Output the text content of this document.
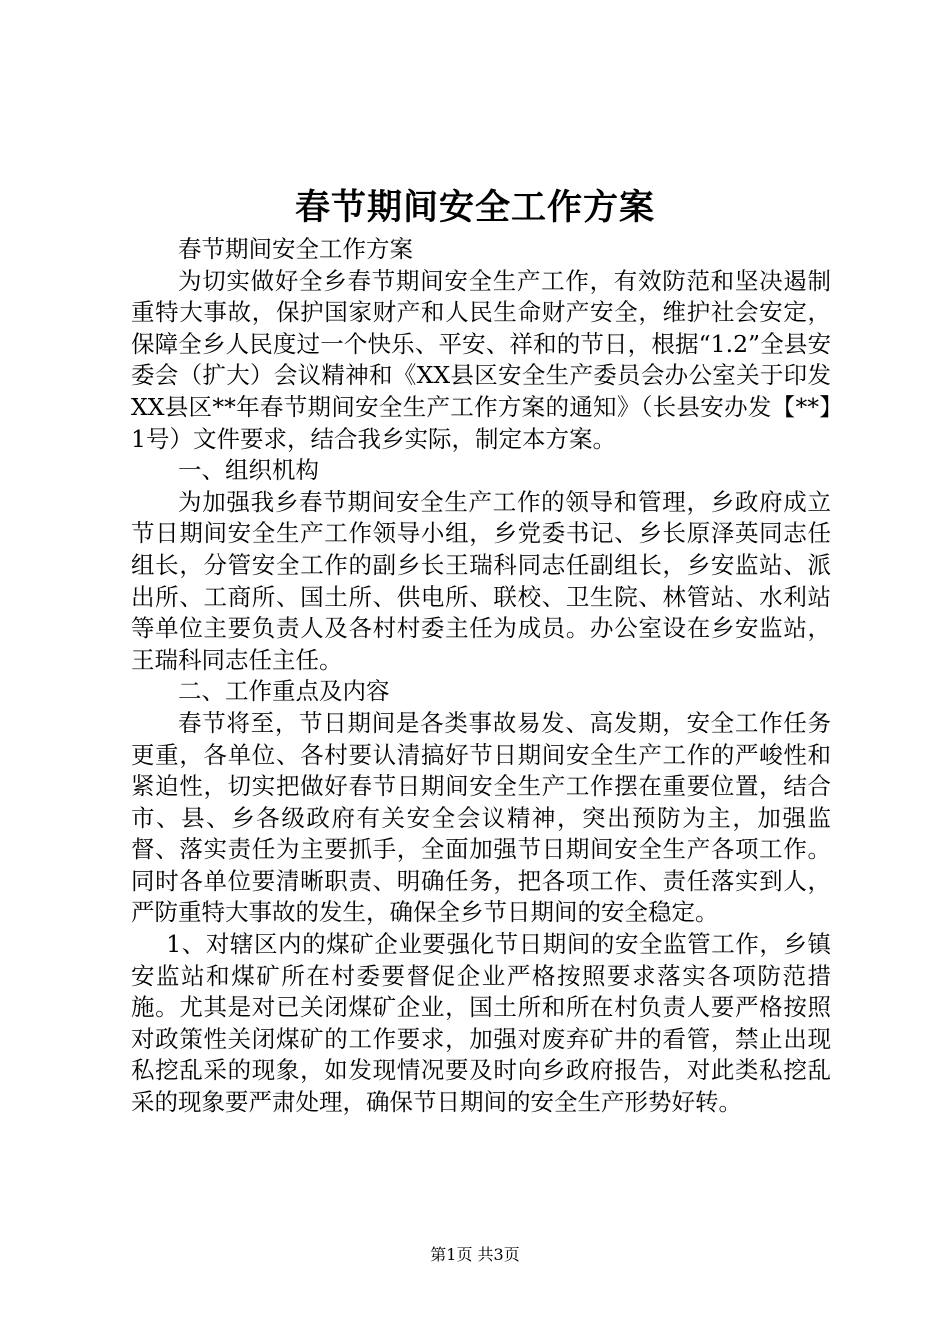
春节期间安全工作方案

春节期间安全工作方案

为切实做好全乡春节期间安全生产工作，有效防范和坚决遏制重特大事故，保护国家财产和人民生命财产安全，维护社会安定，保障全乡人民度过一个快乐、平安、祥和的节日，根据“1.2”全县安委会（扩大）会议精神和《XX县区安全生产委员会办公室关于印发XX县区**年春节期间安全生产工作方案的通知》（长县安办发【**】1号）文件要求，结合我乡实际，制定本方案。

一、组织机构

为加强我乡春节期间安全生产工作的领导和管理，乡政府成立节日期间安全生产工作领导小组，乡党委书记、乡长原泽英同志任组长，分管安全工作的副乡长王瑞科同志任副组长，乡安监站、派出所、工商所、国土所、供电所、联校、卫生院、林管站、水利站等单位主要负责人及各村村委主任为成员。办公室设在乡安监站，王瑞科同志任主任。

二、工作重点及内容

春节将至，节日期间是各类事故易发、高发期，安全工作任务更重，各单位、各村要认清搞好节日期间安全生产工作的严峻性和紧迫性，切实把做好春节日期间安全生产工作摆在重要位置，结合市、县、乡各级政府有关安全会议精神，突出预防为主，加强监督、落实责任为主要抓手，全面加强节日期间安全生产各项工作。同时各单位要清晰职责、明确任务，把各项工作、责任落实到人，严防重特大事故的发生，确保全乡节日期间的安全稳定。

1、对辖区内的煤矿企业要强化节日期间的安全监管工作，乡镇安监站和煤矿所在村委要督促企业严格按照要求落实各项防范措施。尤其是对已关闭煤矿企业，国土所和所在村负责人要严格按照对政策性关闭煤矿的工作要求，加强对废弃矿井的看管，禁止出现私挖乱采的现象，如发现情况要及时向乡政府报告，对此类私挖乱采的现象要严肃处理，确保节日期间的安全生产形势好转。

第1页 共3页
